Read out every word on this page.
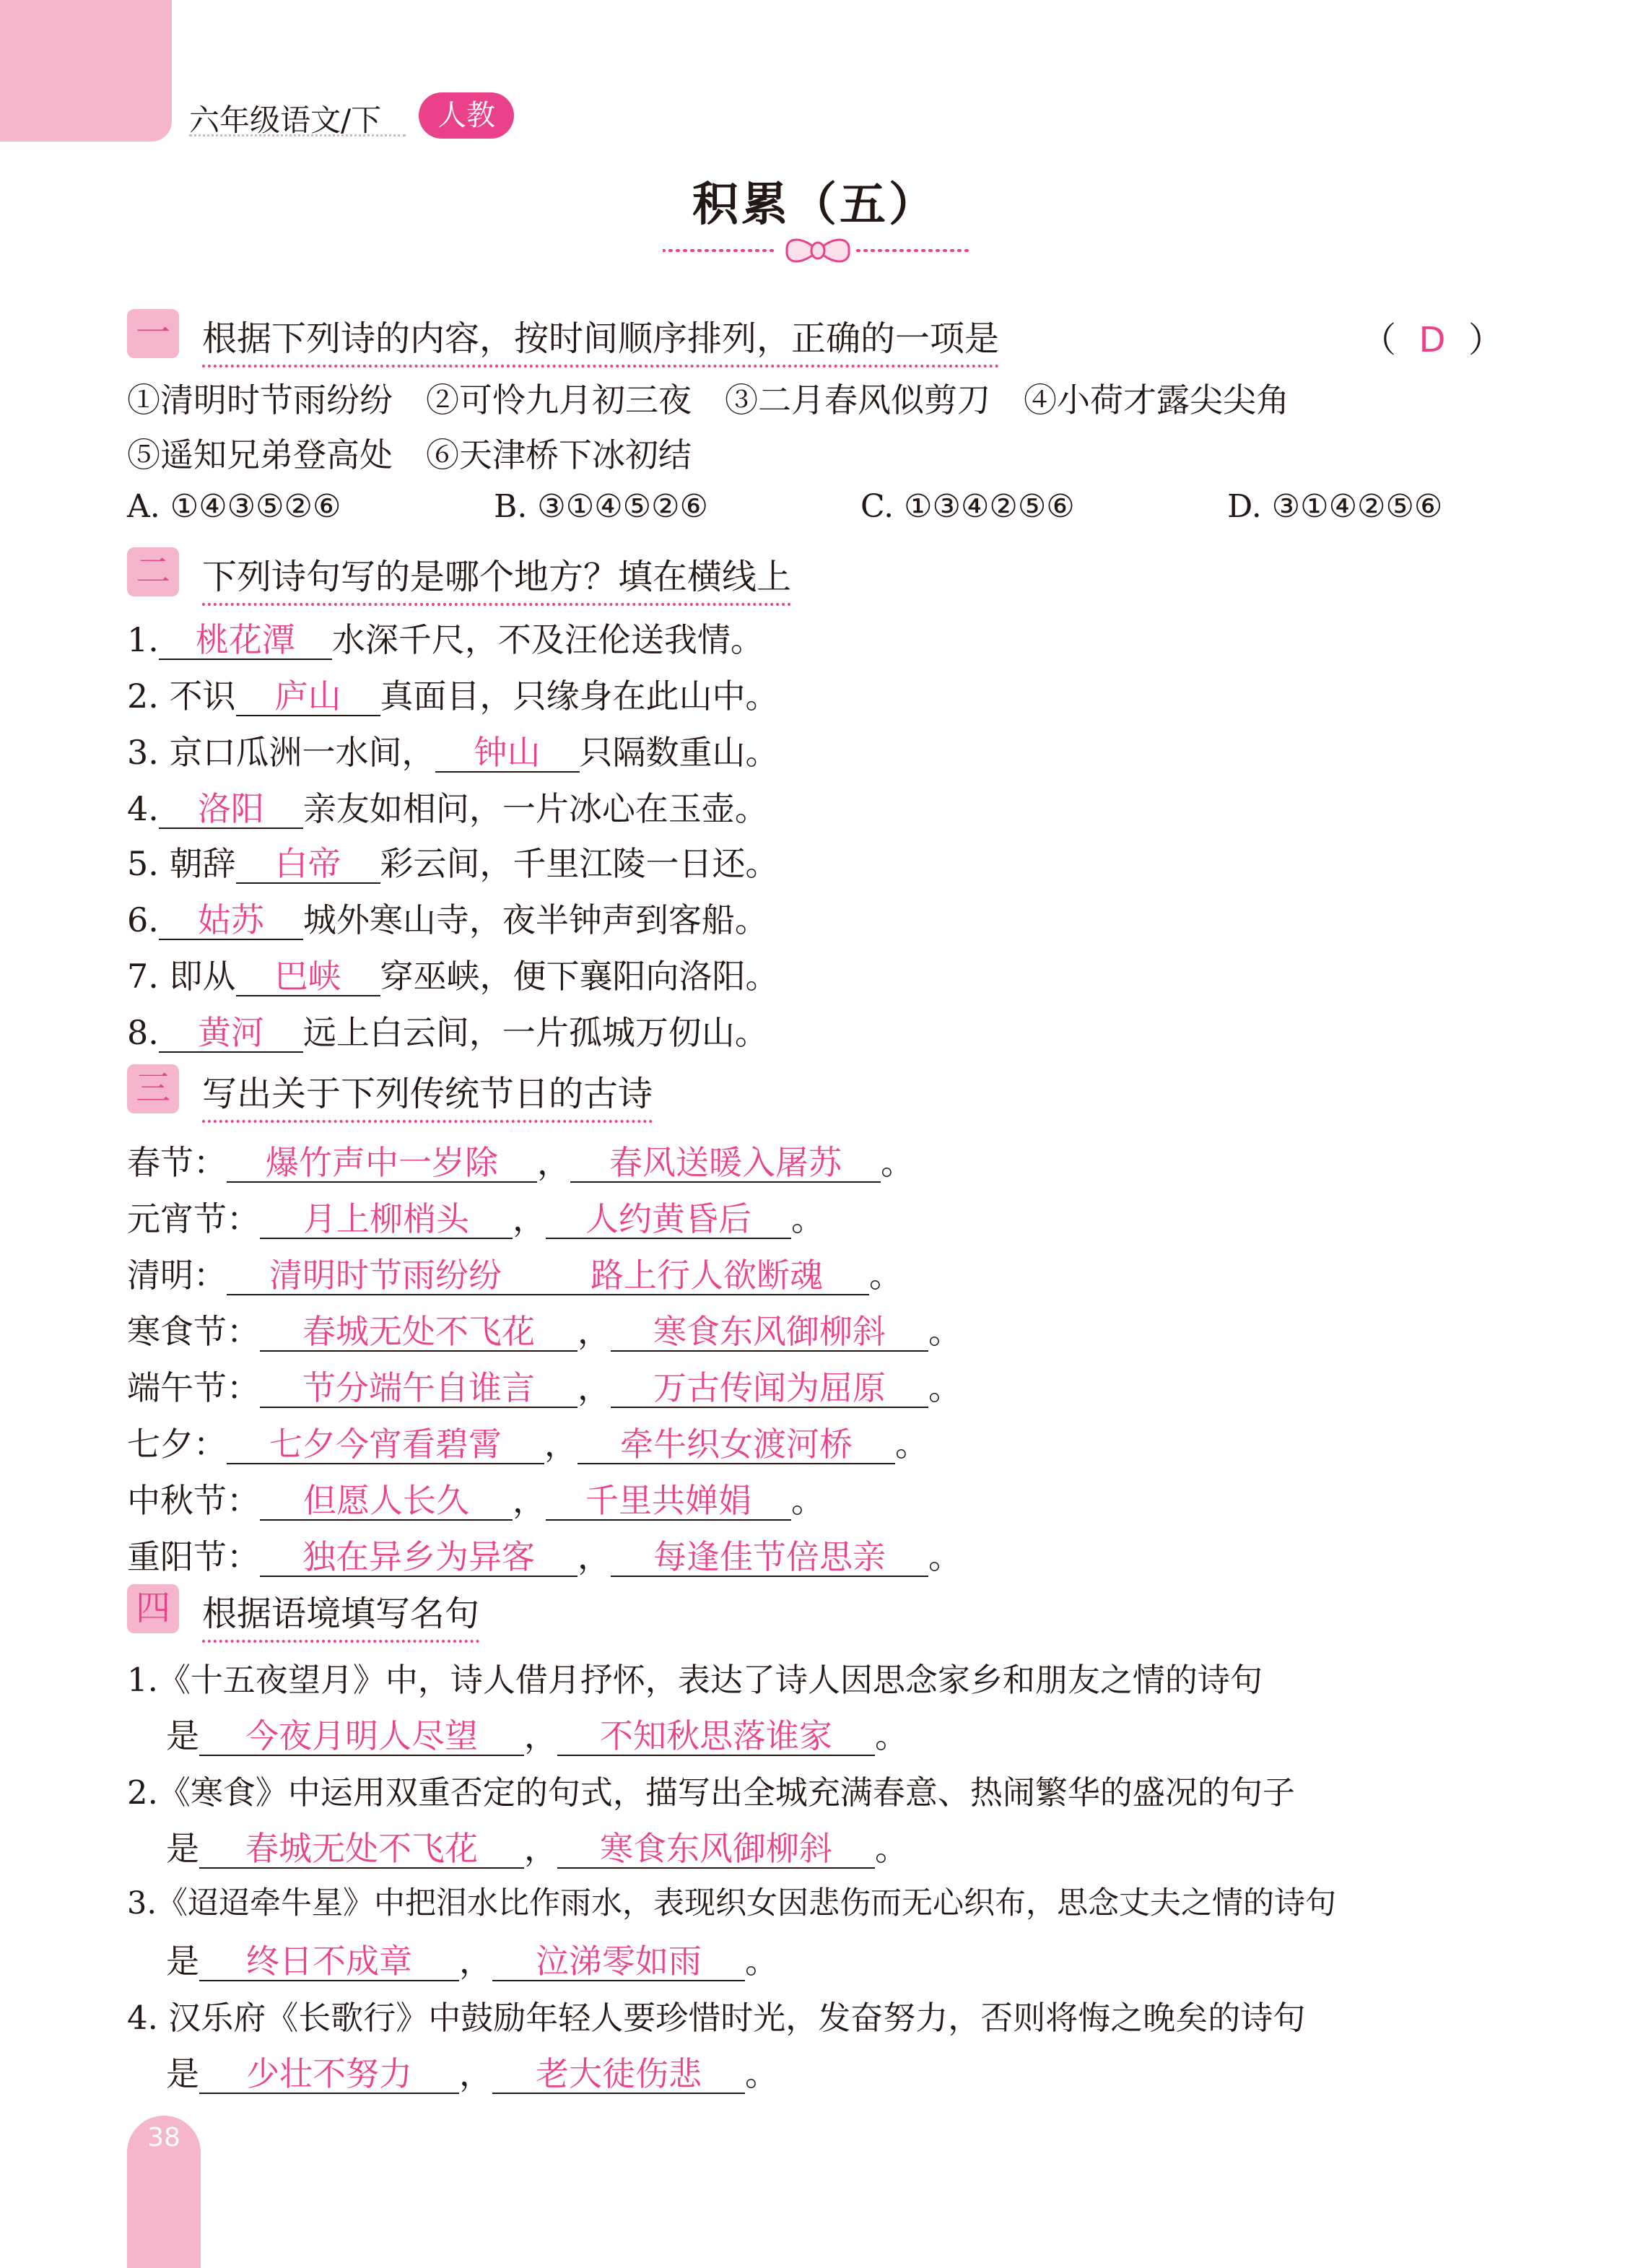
六年级语文/下	人教
积累（五）
一 根据下列诗的内容，按时间顺序排列，正确的一项是	（ D ）
①清明时节雨纷纷　②可怜九月初三夜　③二月春风似剪刀　④小荷才露尖尖角
⑤遥知兄弟登高处　⑥天津桥下冰初结
A. ①④③⑤②⑥	B. ③①④⑤②⑥	C. ①③④②⑤⑥	D. ③①④②⑤⑥
二 下列诗句写的是哪个地方？填在横线上
1. 桃花潭 水深千尺，不及汪伦送我情。
2. 不识 庐山 真面目，只缘身在此山中。
3. 京口瓜洲一水间， 钟山 只隔数重山。
4. 洛阳 亲友如相问，一片冰心在玉壶。
5. 朝辞 白帝 彩云间，千里江陵一日还。
6. 姑苏 城外寒山寺，夜半钟声到客船。
7. 即从 巴峡 穿巫峡，便下襄阳向洛阳。
8. 黄河 远上白云间，一片孤城万仞山。
三 写出关于下列传统节日的古诗
春节： 爆竹声中一岁除 ， 春风送暖入屠苏 。
元宵节： 月上柳梢头 ， 人约黄昏后 。
清明： 清明时节雨纷纷	路上行人欲断魂 。
寒食节： 春城无处不飞花 ， 寒食东风御柳斜 。
端午节： 节分端午自谁言 ， 万古传闻为屈原 。
七夕： 七夕今宵看碧霄 ， 牵牛织女渡河桥 。
中秋节： 但愿人长久 ， 千里共婵娟 。
重阳节： 独在异乡为异客 ， 每逢佳节倍思亲 。
四 根据语境填写名句
1.《十五夜望月》中，诗人借月抒怀，表达了诗人因思念家乡和朋友之情的诗句
是 今夜月明人尽望 ， 不知秋思落谁家 。
2.《寒食》中运用双重否定的句式，描写出全城充满春意、热闹繁华的盛况的句子
是 春城无处不飞花 ， 寒食东风御柳斜 。
3.《迢迢牵牛星》中把泪水比作雨水，表现织女因悲伤而无心织布，思念丈夫之情的诗句
是 终日不成章 ， 泣涕零如雨 。
4. 汉乐府《长歌行》中鼓励年轻人要珍惜时光，发奋努力，否则将悔之晚矣的诗句
是 少壮不努力 ， 老大徒伤悲 。
38
